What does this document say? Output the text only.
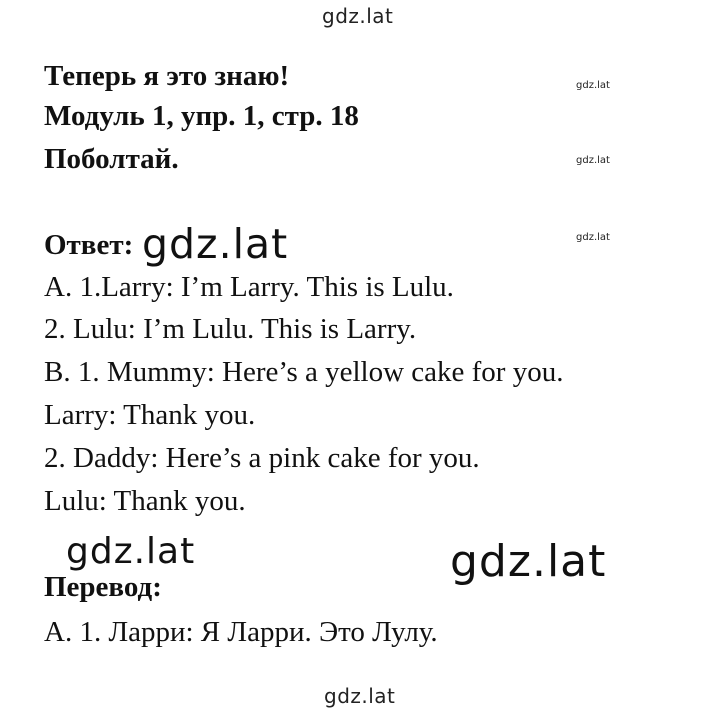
gdz.lat
Теперь я это знаю!
Модуль 1, упр. 1, стр. 18
Поболтай.
gdz.lat
gdz.lat
gdz.lat
Ответ: gdz.lat
A. 1.Larry: I’m Larry. This is Lulu.
2. Lulu: I’m Lulu. This is Larry.
B. 1. Mummy: Here’s a yellow cake for you.
Larry: Thank you.
2. Daddy: Here’s a pink cake for you.
Lulu: Thank you.
gdz.lat	gdz.lat
Перевод:
A. 1. Ларри: Я Ларри. Это Лулу.
gdz.lat
